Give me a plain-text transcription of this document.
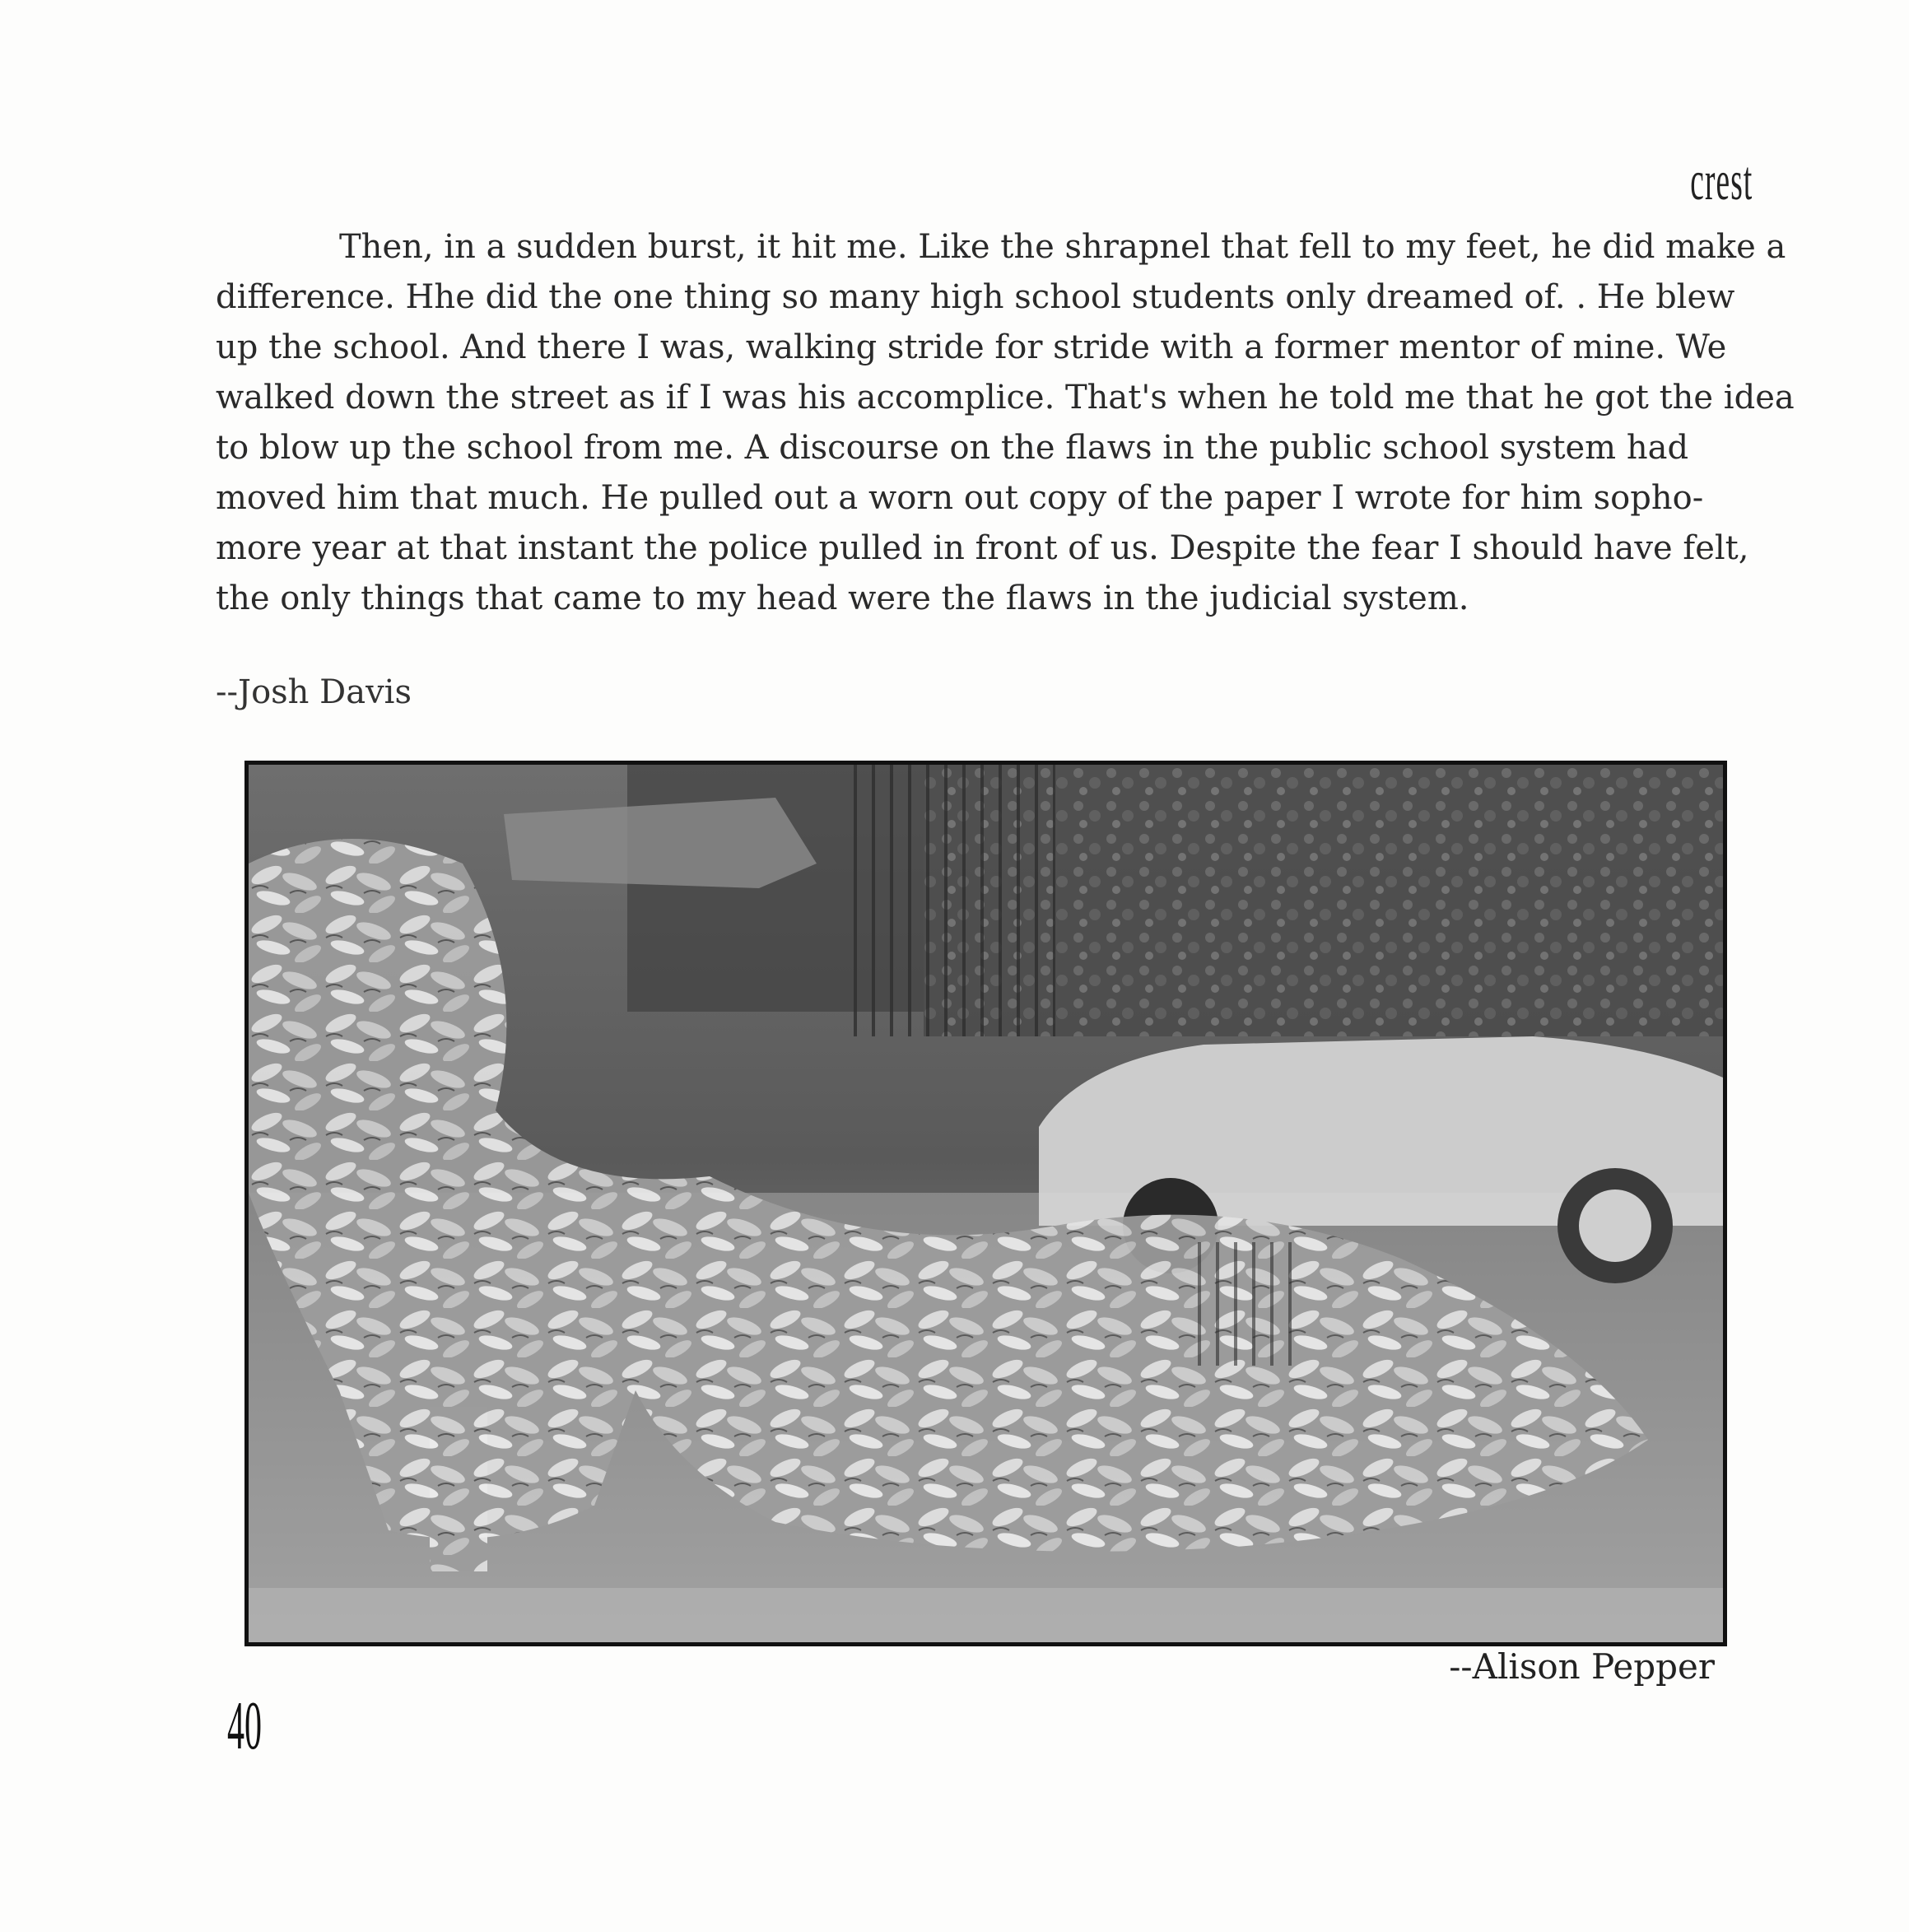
crest

Then, in a sudden burst, it hit me. Like the shrapnel that fell to my feet, he did make a
difference. Hhe did the one thing so many high school students only dreamed of. . He blew
up the school. And there I was, walking stride for stride with a former mentor of mine. We
walked down the street as if I was his accomplice. That's when he told me that he got the idea
to blow up the school from me. A discourse on the flaws in the public school system had
moved him that much. He pulled out a worn out copy of the paper I wrote for him sopho-
more year at that instant the police pulled in front of us. Despite the fear I should have felt,
the only things that came to my head were the flaws in the judicial system.

--Josh Davis
--Alison Pepper
40
